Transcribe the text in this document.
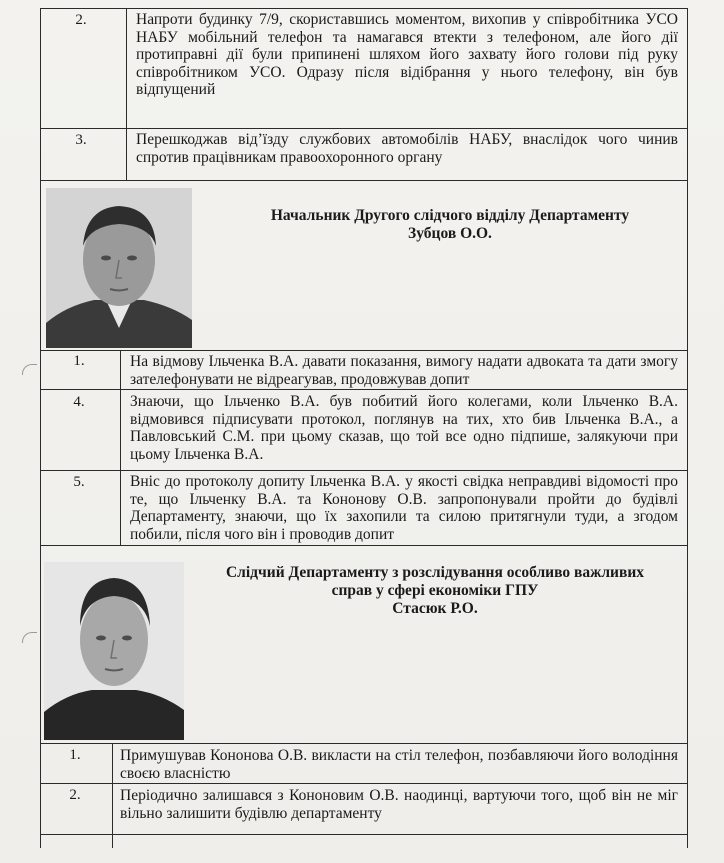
2.	Напроти будинку 7/9, скориставшись моментом, вихопив у співробітника УСО НАБУ мобільний телефон та намагався втекти з телефоном, але його дії протиправні дії були припинені шляхом його захвату його голови під руку співробітником УСО. Одразу після відібрання у нього телефону, він був відпущений
3.	Перешкоджав від’їзду службових автомобілів НАБУ, внаслідок чого чинив спротив працівникам правоохоронного органу
Начальник Другого слідчого відділу Департаменту
Зубцов О.О.
1.	На відмову Ільченка В.А. давати показання, вимогу надати адвоката та дати змогу зателефонувати не відреагував, продовжував допит
4.	Знаючи, що Ільченко В.А. був побитий його колегами, коли Ільченко В.А. відмовився підписувати протокол, поглянув на тих, хто бив Ільченка В.А., а Павловський С.М. при цьому сказав, що той все одно підпише, залякуючи при цьому Ільченка В.А.
5.	Вніс до протоколу допиту Ільченка В.А. у якості свідка неправдиві відомості про те, що Ільченку В.А. та Кононову О.В. запропонували пройти до будівлі Департаменту, знаючи, що їх захопили та силою притягнули туди, а згодом побили, після чого він і проводив допит
Слідчий Департаменту з розслідування особливо важливих
справ у сфері економіки ГПУ
Стасюк Р.О.
1.	Примушував Кононова О.В. викласти на стіл телефон, позбавляючи його володіння своєю власністю
2.	Періодично залишався з Кононовим О.В. наодинці, вартуючи того, щоб він не міг вільно залишити будівлю департаменту
